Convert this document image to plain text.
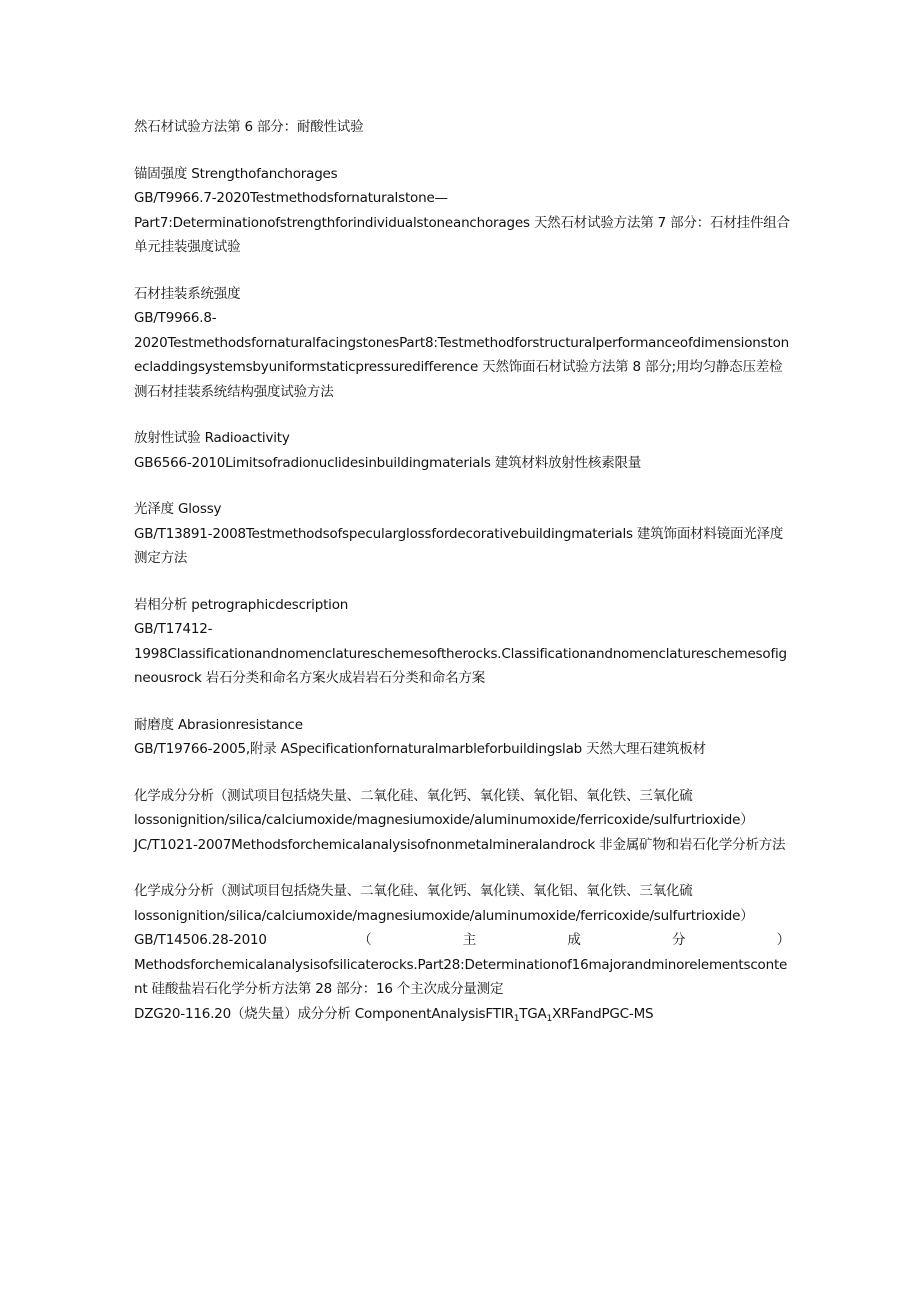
然石材试验方法第 6 部分：耐酸性试验
锚固强度 Strengthofanchorages
GB/T9966.7-2020Testmethodsfornaturalstone—
Part7:Determinationofstrengthforindividualstoneanchorages 天然石材试验方法第 7 部分：石材挂件组合单元挂装强度试验
石材挂装系统强度
GB/T9966.8-
2020TestmethodsfornaturalfacingstonesPart8:Testmethodforstructuralperformanceofdimensionstonecladdingsystemsbyuniformstaticpressuredifference 天然饰面石材试验方法第 8 部分;用均匀静态压差检测石材挂装系统结构强度试验方法
放射性试验 Radioactivity
GB6566-2010Limitsofradionuclidesinbuildingmaterials 建筑材料放射性核素限量
光泽度 Glossy
GB/T13891-2008Testmethodsofspecularglossfordecorativebuildingmaterials 建筑饰面材料镜面光泽度测定方法
岩相分析 petrographicdescription
GB/T17412-
1998Classificationandnomenclatureschemesoftherocks.Classificationandnomenclatureschemesofigneousrock 岩石分类和命名方案火成岩岩石分类和命名方案
耐磨度 Abrasionresistance
GB/T19766-2005,附录 ASpecificationfornaturalmarbleforbuildingslab 天然大理石建筑板材
化学成分分析（测试项目包括烧失量、二氧化硅、氧化钙、氧化镁、氧化铝、氧化铁、三氧化硫
lossonignition/silica/calciumoxide/magnesiumoxide/aluminumoxide/ferricoxide/sulfurtrioxide）
JC/T1021-2007Methodsforchemicalanalysisofnonmetalmineralandrock 非金属矿物和岩石化学分析方法
化学成分分析（测试项目包括烧失量、二氧化硅、氧化钙、氧化镁、氧化铝、氧化铁、三氧化硫
lossonignition/silica/calciumoxide/magnesiumoxide/aluminumoxide/ferricoxide/sulfurtrioxide）
GB/T14506.28-2010	（	主	成	分	）
Methodsforchemicalanalysisofsilicaterocks.Part28:Determinationof16majorandminorelementscontent 硅酸盐岩石化学分析方法第 28 部分：16 个主次成分量测定
DZG20-116.20（烧失量）成分分析 $ComponentAnalysisFTIR_1TGA_1XRFandPGC-MS$
